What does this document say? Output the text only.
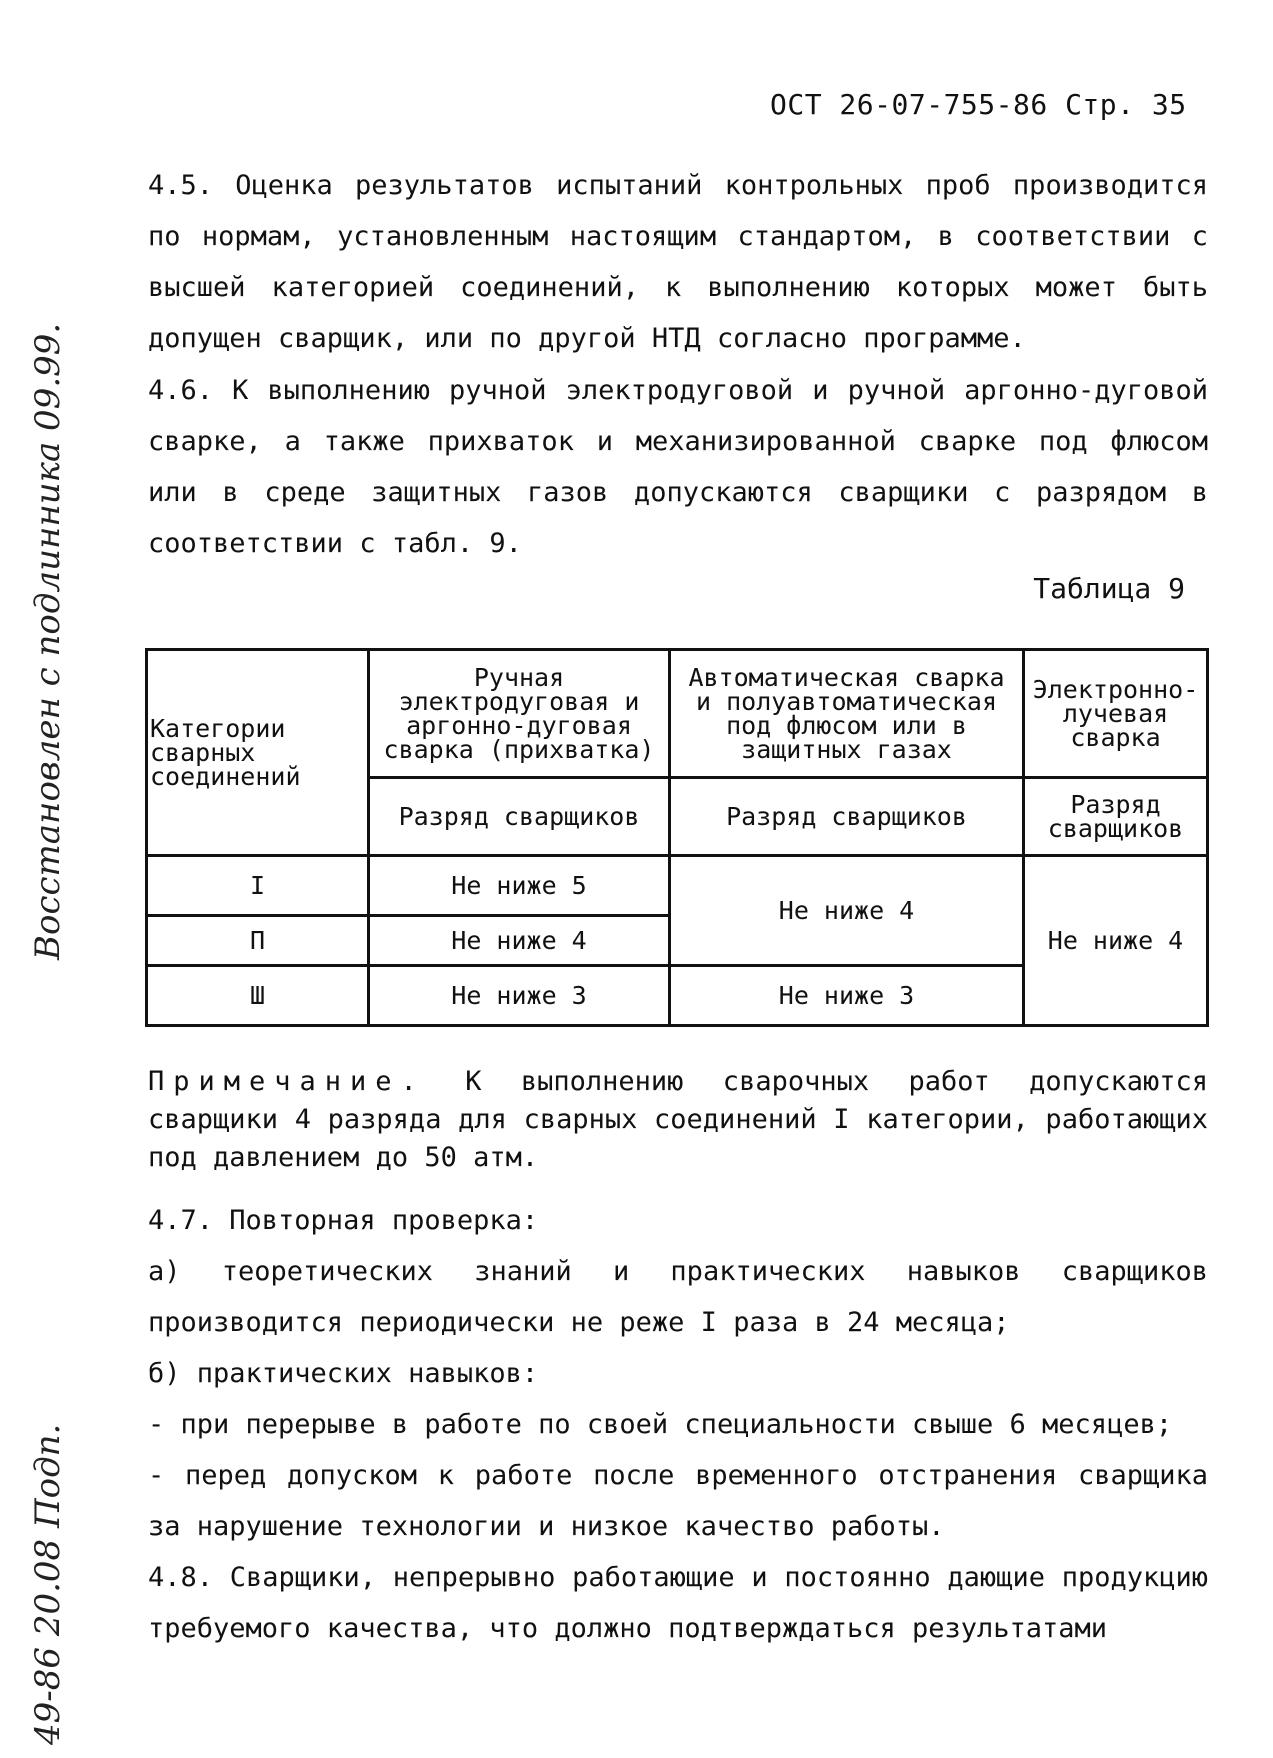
ОСТ 26-07-755-86 Стр. 35

4.5. Оценка результатов испытаний контрольных проб производится по нормам, установленным настоящим стандартом, в соответствии с высшей категорией соединений, к выполнению которых может быть допущен сварщик, или по другой НТД согласно программе.

4.6. К выполнению ручной электродуговой и ручной аргонно-дуговой сварке, а также прихваток и механизированной сварке под флюсом или в среде защитных газов допускаются сварщики с разрядом в соответствии с табл. 9.

Таблица 9
Категории сварных соединений	Ручная электродуговая и аргонно-дуговая сварка (прихватка)	Автоматическая сварка и полуавтоматическая под флюсом или в защитных газах	Электронно-лучевая сварка
	Разряд сварщиков	Разряд сварщиков	Разряд сварщиков
I	Не ниже 5	Не ниже 4	Не ниже 4
П	Не ниже 4		
Ш	Не ниже 3	Не ниже 3	

Примечание. К выполнению сварочных работ допускаются сварщики 4 разряда для сварных соединений I категории, работающих под давлением до 50 атм.

4.7. Повторная проверка:

а) теоретических знаний и практических навыков сварщиков производится периодически не реже I раза в 24 месяца;

б) практических навыков:

- при перерыве в работе по своей специальности свыше 6 месяцев;

- перед допуском к работе после временного отстранения сварщика за нарушение технологии и низкое качество работы.

4.8. Сварщики, непрерывно работающие и постоянно дающие продукцию требуемого качества, что должно подтверждаться результатами

Восстановлен с подлинника 09.99.
49-86 20.08 Подп.
